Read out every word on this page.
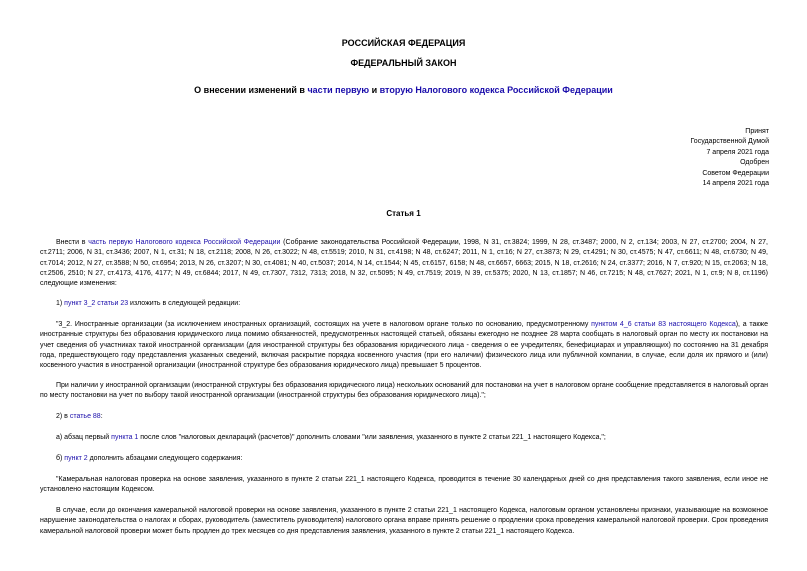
РОССИЙСКАЯ ФЕДЕРАЦИЯ
ФЕДЕРАЛЬНЫЙ ЗАКОН
О внесении изменений в части первую и вторую Налогового кодекса Российской Федерации
Принят
Государственной Думой
7 апреля 2021 года
Одобрен
Советом Федерации
14 апреля 2021 года
Статья 1
Внести в часть первую Налогового кодекса Российской Федерации (Собрание законодательства Российской Федерации, 1998, N 31, ст.3824; 1999, N 28, ст.3487; 2000, N 2, ст.134; 2003, N 27, ст.2700; 2004, N 27, ст.2711; 2006, N 31, ст.3436; 2007, N 1, ст.31; N 18, ст.2118; 2008, N 26, ст.3022; N 48, ст.5519; 2010, N 31, ст.4198; N 48, ст.6247; 2011, N 1, ст.16; N 27, ст.3873; N 29, ст.4291; N 30, ст.4575; N 47, ст.6611; N 48, ст.6730; N 49, ст.7014; 2012, N 27, ст.3588; N 50, ст.6954; 2013, N 26, ст.3207; N 30, ст.4081; N 40, ст.5037; 2014, N 14, ст.1544; N 45, ст.6157, 6158; N 48, ст.6657, 6663; 2015, N 18, ст.2616; N 24, ст.3377; 2016, N 7, ст.920; N 15, ст.2063; N 18, ст.2506, 2510; N 27, ст.4173, 4176, 4177; N 49, ст.6844; 2017, N 49, ст.7307, 7312, 7313; 2018, N 32, ст.5095; N 49, ст.7519; 2019, N 39, ст.5375; 2020, N 13, ст.1857; N 46, ст.7215; N 48, ст.7627; 2021, N 1, ст.9; N 8, ст.1196) следующие изменения:
1) пункт 3_2 статьи 23 изложить в следующей редакции:
"3_2. Иностранные организации (за исключением иностранных организаций, состоящих на учете в налоговом органе только по основанию, предусмотренному пунктом 4_6 статьи 83 настоящего Кодекса), а также иностранные структуры без образования юридического лица помимо обязанностей, предусмотренных настоящей статьей, обязаны ежегодно не позднее 28 марта сообщать в налоговый орган по месту их постановки на учет сведения об участниках такой иностранной организации (для иностранной структуры без образования юридического лица - сведения о ее учредителях, бенефициарах и управляющих) по состоянию на 31 декабря года, предшествующего году представления указанных сведений, включая раскрытие порядка косвенного участия (при его наличии) физического лица или публичной компании, в случае, если доля их прямого и (или) косвенного участия в иностранной организации (иностранной структуре без образования юридического лица) превышает 5 процентов.
При наличии у иностранной организации (иностранной структуры без образования юридического лица) нескольких оснований для постановки на учет в налоговом органе сообщение представляется в налоговый орган по месту постановки на учет по выбору такой иностранной организации (иностранной структуры без образования юридического лица).";
2) в статье 88:
а) абзац первый пункта 1 после слов "налоговых деклараций (расчетов)" дополнить словами "или заявления, указанного в пункте 2 статьи 221_1 настоящего Кодекса,";
б) пункт 2 дополнить абзацами следующего содержания:
"Камеральная налоговая проверка на основе заявления, указанного в пункте 2 статьи 221_1 настоящего Кодекса, проводится в течение 30 календарных дней со дня представления такого заявления, если иное не установлено настоящим Кодексом.
В случае, если до окончания камеральной налоговой проверки на основе заявления, указанного в пункте 2 статьи 221_1 настоящего Кодекса, налоговым органом установлены признаки, указывающие на возможное нарушение законодательства о налогах и сборах, руководитель (заместитель руководителя) налогового органа вправе принять решение о продлении срока проведения камеральной налоговой проверки. Срок проведения камеральной налоговой проверки может быть продлен до трех месяцев со дня представления заявления, указанного в пункте 2 статьи 221_1 настоящего Кодекса.
